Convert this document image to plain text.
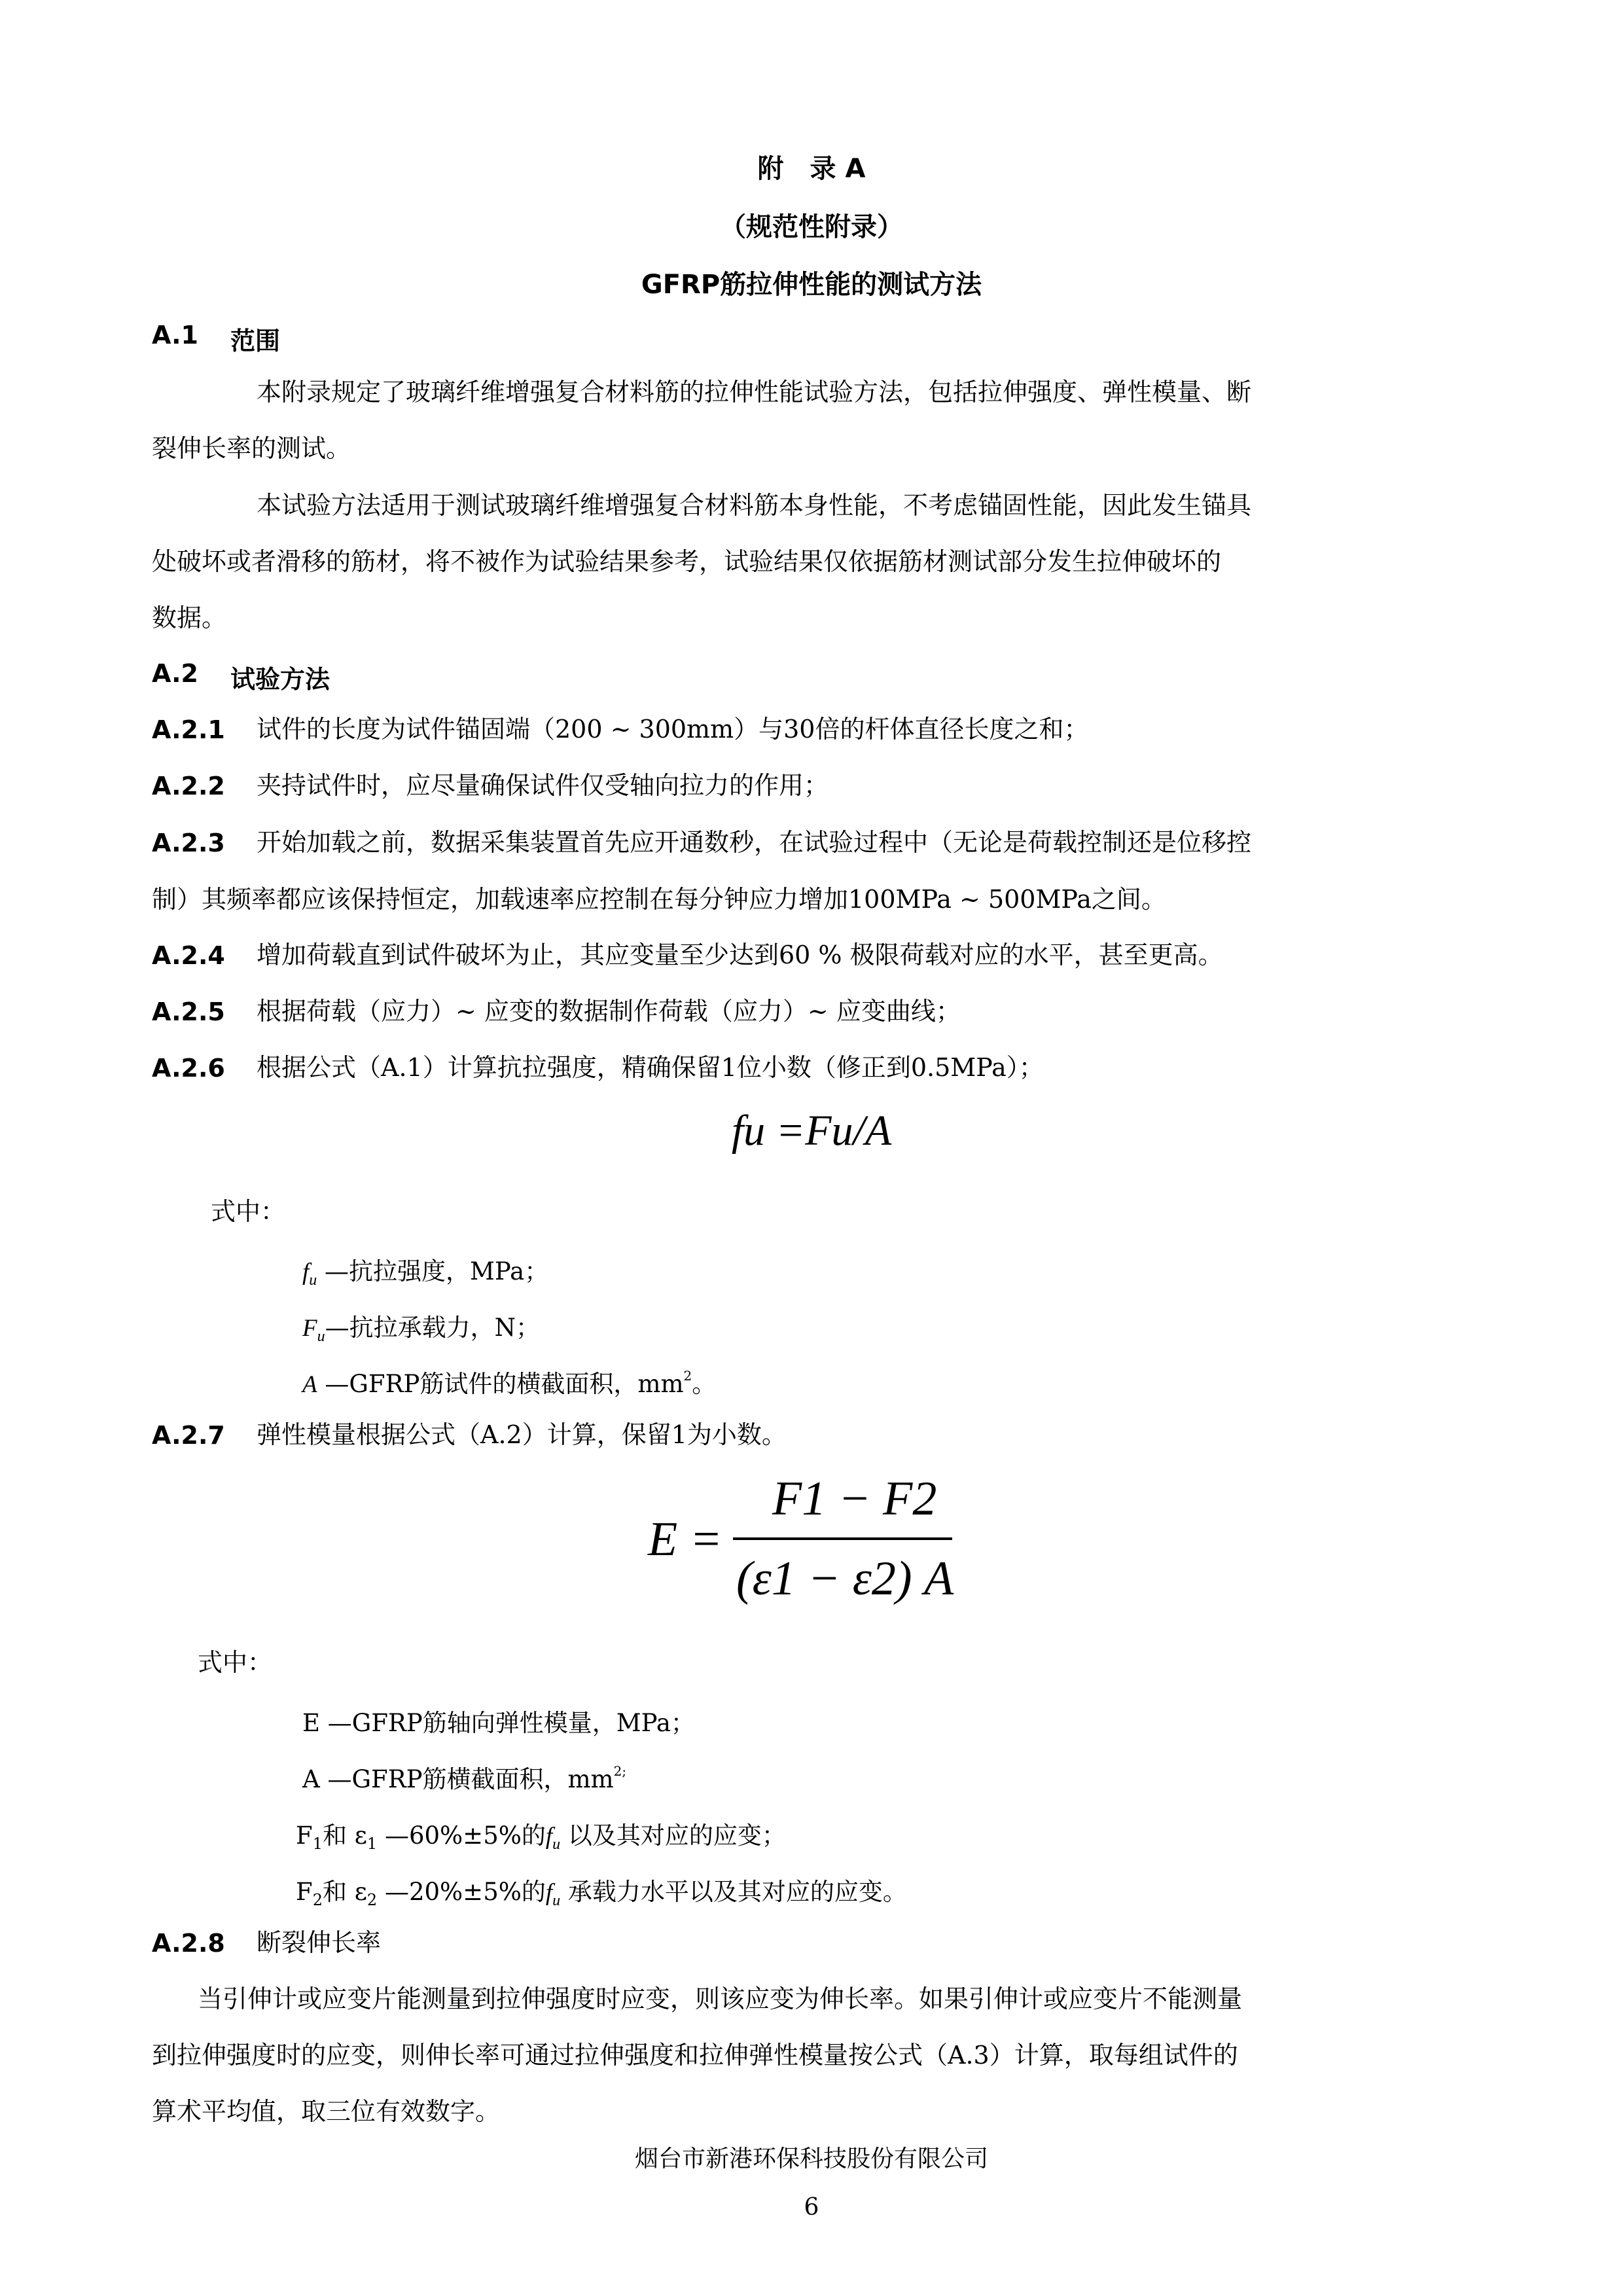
附　录 A
（规范性附录）
GFRP筋拉伸性能的测试方法
A.1 范围
本附录规定了玻璃纤维增强复合材料筋的拉伸性能试验方法，包括拉伸强度、弹性模量、断
裂伸长率的测试。
本试验方法适用于测试玻璃纤维增强复合材料筋本身性能，不考虑锚固性能，因此发生锚具
处破坏或者滑移的筋材，将不被作为试验结果参考，试验结果仅依据筋材测试部分发生拉伸破坏的
数据。
A.2 试验方法
A.2.1 试件的长度为试件锚固端（200 ~ 300mm）与30倍的杆体直径长度之和；
A.2.2 夹持试件时，应尽量确保试件仅受轴向拉力的作用；
A.2.3 开始加载之前，数据采集装置首先应开通数秒，在试验过程中（无论是荷载控制还是位移控
制）其频率都应该保持恒定，加载速率应控制在每分钟应力增加100MPa ~ 500MPa之间。
A.2.4 增加荷载直到试件破坏为止，其应变量至少达到60 % 极限荷载对应的水平，甚至更高。
A.2.5 根据荷载（应力）~ 应变的数据制作荷载（应力）~ 应变曲线；
A.2.6 根据公式（A.1）计算抗拉强度，精确保留1位小数（修正到0.5MPa）；
fu =Fu/A
式中：
$f_u$ —抗拉强度，MPa；
$F_u—$抗拉承载力，N；
A —GFRP筋试件的横截面积，$mm^2$。
A.2.7 弹性模量根据公式（A.2）计算，保留1为小数。
E =
F1 − F2
(ε1 − ε2) A
式中：
E —GFRP筋轴向弹性模量，MPa；
A —GFRP筋横截面积，$mm^{2;}$
$F_1$和 $\varepsilon_1$ —60%±5%的$f_u$ 以及其对应的应变；
$F_2$和 $\varepsilon_2$ —20%±5%的$f_u$ 承载力水平以及其对应的应变。
A.2.8 断裂伸长率
当引伸计或应变片能测量到拉伸强度时应变，则该应变为伸长率。如果引伸计或应变片不能测量
到拉伸强度时的应变，则伸长率可通过拉伸强度和拉伸弹性模量按公式（A.3）计算，取每组试件的
算术平均值，取三位有效数字。
烟台市新港环保科技股份有限公司
6
